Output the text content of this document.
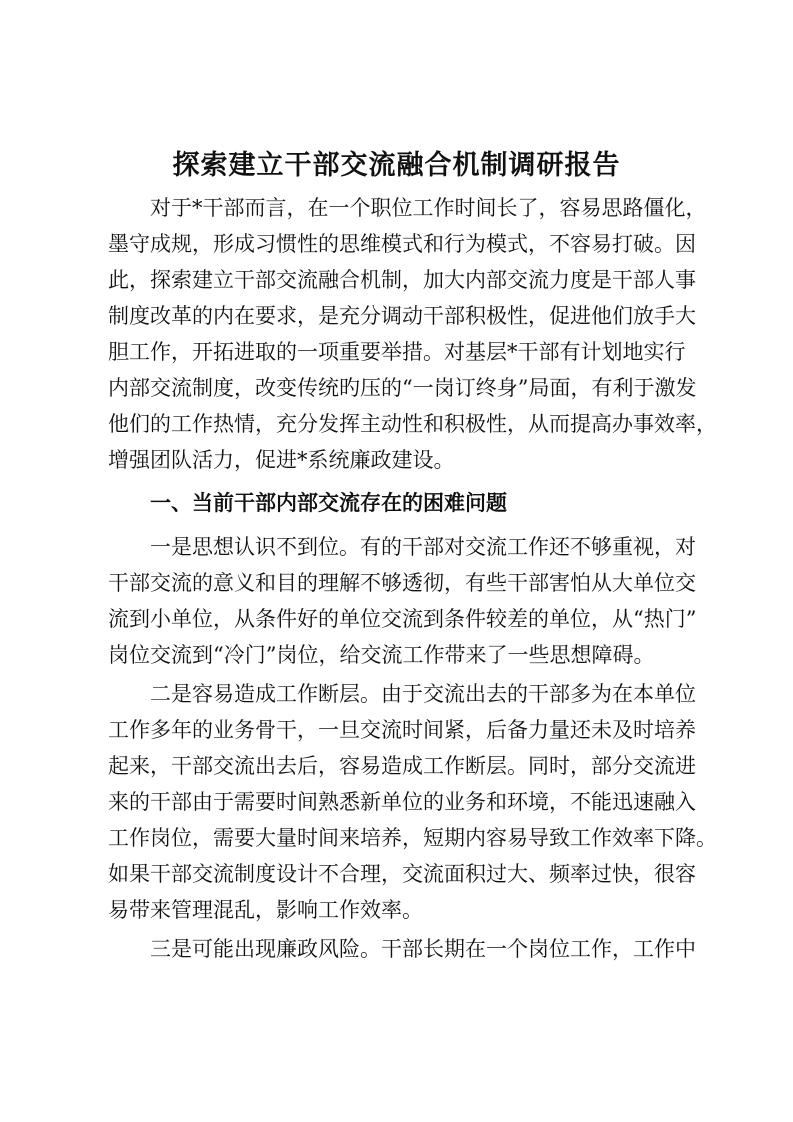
探索建立干部交流融合机制调研报告
对于*干部而言，在一个职位工作时间长了，容易思路僵化，
墨守成规，形成习惯性的思维模式和行为模式，不容易打破。因
此，探索建立干部交流融合机制，加大内部交流力度是干部人事
制度改革的内在要求，是充分调动干部积极性，促进他们放手大
胆工作，开拓进取的一项重要举措。对基层*干部有计划地实行
内部交流制度，改变传统旳压的“一岗订终身”局面，有利于激发
他们的工作热情，充分发挥主动性和积极性，从而提高办事效率，
增强团队活力，促进*系统廉政建设。
一、当前干部内部交流存在的困难问题
一是思想认识不到位。有的干部对交流工作还不够重视，对
干部交流的意义和目的理解不够透彻，有些干部害怕从大单位交
流到小单位，从条件好的单位交流到条件较差的单位，从“热门”
岗位交流到“冷门”岗位，给交流工作带来了一些思想障碍。
二是容易造成工作断层。由于交流出去的干部多为在本单位
工作多年的业务骨干，一旦交流时间紧，后备力量还未及时培养
起来，干部交流出去后，容易造成工作断层。同时，部分交流进
来的干部由于需要时间熟悉新单位的业务和环境，不能迅速融入
工作岗位，需要大量时间来培养，短期内容易导致工作效率下降。
如果干部交流制度设计不合理，交流面积过大、频率过快，很容
易带来管理混乱，影响工作效率。
三是可能出现廉政风险。干部长期在一个岗位工作，工作中
